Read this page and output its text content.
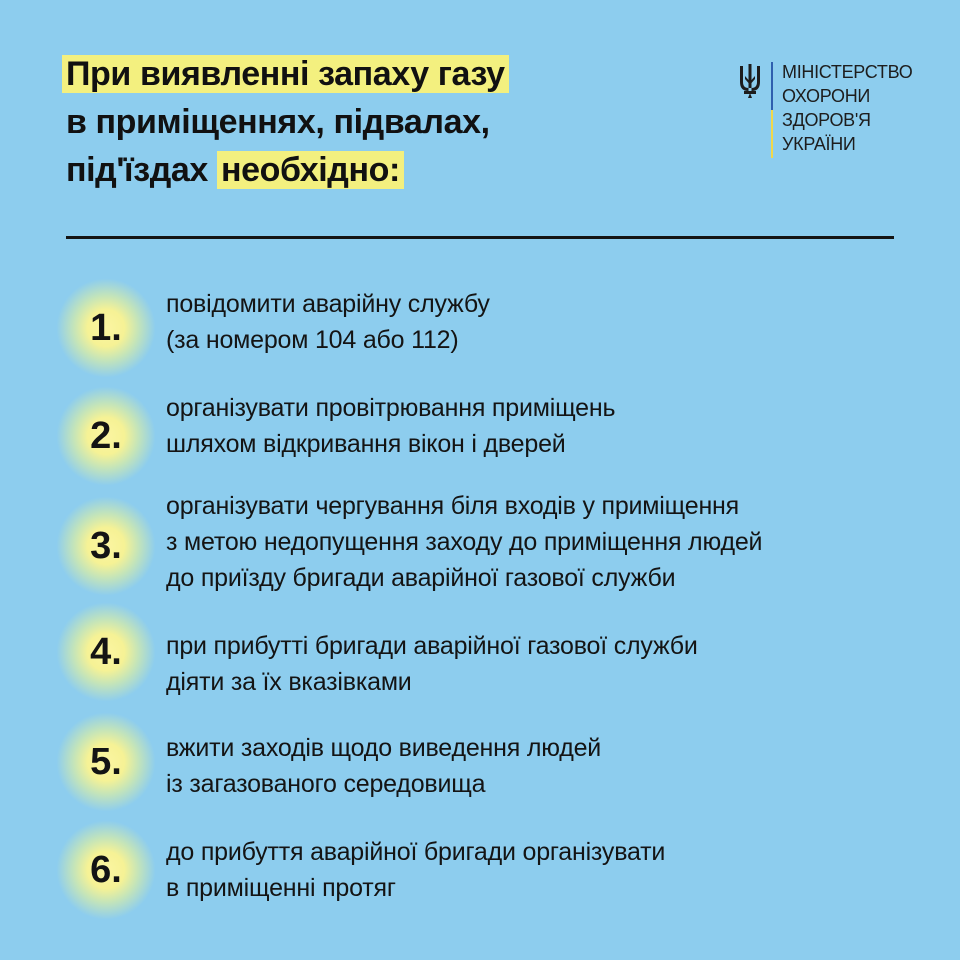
При виявленні запаху газу
в приміщеннях, підвалах,
під'їздах необхідно:
МІНІСТЕРСТВО
ОХОРОНИ
ЗДОРОВ'Я
УКРАЇНИ
1.
повідомити аварійну службу
(за номером 104 або 112)
2.
організувати провітрювання приміщень
шляхом відкривання вікон і дверей
3.
організувати чергування біля входів у приміщення
з метою недопущення заходу до приміщення людей
до приїзду бригади аварійної газової служби
4.	при прибутті бригади аварійної газової служби
діяти за їх вказівками
5.	вжити заходів щодо виведення людей
із загазованого середовища
6.	до прибуття аварійної бригади організувати
в приміщенні протяг
